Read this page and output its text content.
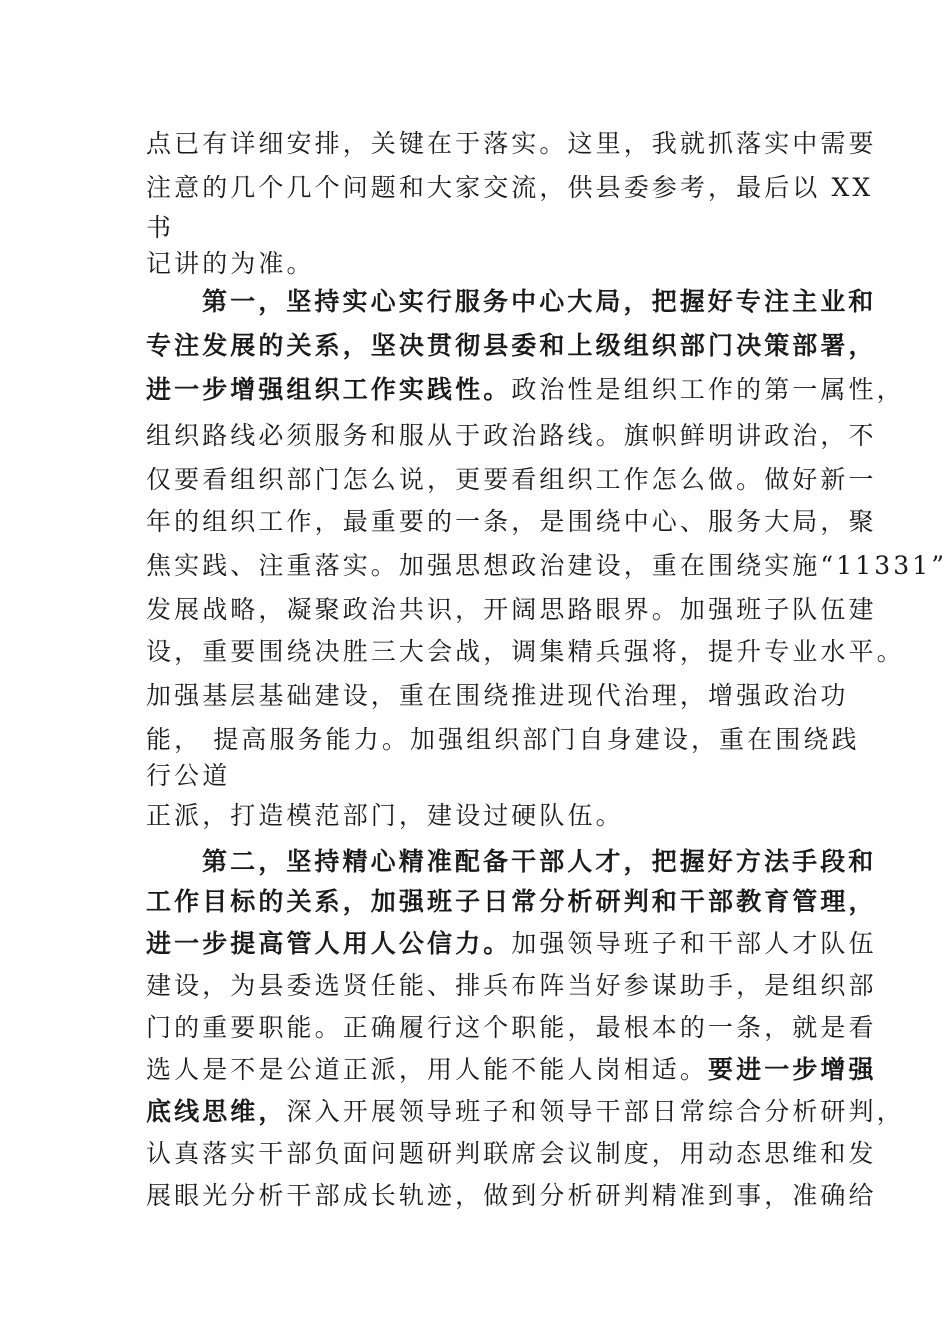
点已有详细安排，关键在于落实。这里，我就抓落实中需要
注意的几个几个问题和大家交流，供县委参考，最后以 XX
书
记讲的为准。
第一，坚持实心实行服务中心大局，把握好专注主业和
专注发展的关系，坚决贯彻县委和上级组织部门决策部署，
进一步增强组织工作实践性。政治性是组织工作的第一属性，
组织路线必须服务和服从于政治路线。旗帜鲜明讲政治，不
仅要看组织部门怎么说，更要看组织工作怎么做。做好新一
年的组织工作，最重要的一条，是围绕中心、服务大局，聚
焦实践、注重落实。加强思想政治建设，重在围绕实施“11331”
发展战略，凝聚政治共识，开阔思路眼界。加强班子队伍建
设，重要围绕决胜三大会战，调集精兵强将，提升专业水平。
加强基层基础建设，重在围绕推进现代治理，增强政治功
能， 提高服务能力。加强组织部门自身建设，重在围绕践
行公道
正派，打造模范部门，建设过硬队伍。
第二，坚持精心精准配备干部人才，把握好方法手段和
工作目标的关系，加强班子日常分析研判和干部教育管理，
进一步提高管人用人公信力。加强领导班子和干部人才队伍
建设，为县委选贤任能、排兵布阵当好参谋助手，是组织部
门的重要职能。正确履行这个职能，最根本的一条，就是看
选人是不是公道正派，用人能不能人岗相适。要进一步增强
底线思维，深入开展领导班子和领导干部日常综合分析研判，
认真落实干部负面问题研判联席会议制度，用动态思维和发
展眼光分析干部成长轨迹，做到分析研判精准到事，准确给
